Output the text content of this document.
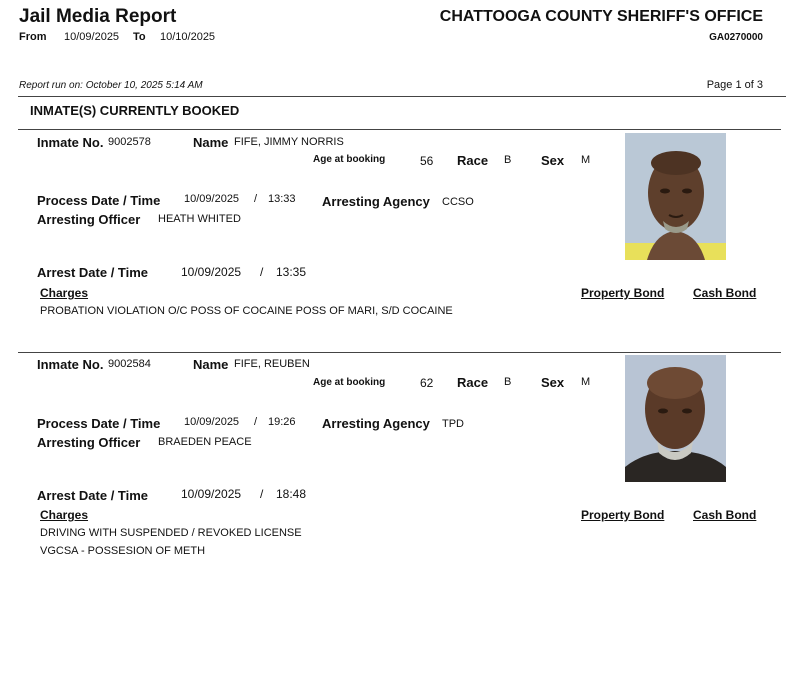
Jail Media Report
From 10/09/2025 To 10/10/2025
CHATTOOGA COUNTY SHERIFF'S OFFICE
GA0270000
Report run on: October 10, 2025 5:14 AM	Page 1 of 3
INMATE(S) CURRENTLY BOOKED
Inmate No. 9002578	Name FIFE, JIMMY NORRIS
Age at booking	56 Race B Sex M
Process Date / Time 10/09/2025 / 13:33 Arresting Agency CCSO
Arresting Officer HEATH WHITED
Arrest Date / Time	10/09/2025 / 13:35
Charges	Property Bond Cash Bond
PROBATION VIOLATION O/C POSS OF COCAINE POSS OF MARI, S/D COCAINE
Inmate No. 9002584	Name FIFE, REUBEN
Age at booking	62 Race B Sex M
Process Date / Time 10/09/2025 / 19:26 Arresting Agency TPD
Arresting Officer BRAEDEN PEACE
Arrest Date / Time	10/09/2025 / 18:48
Charges	Property Bond Cash Bond
DRIVING WITH SUSPENDED / REVOKED LICENSE
VGCSA - POSSESION OF METH
